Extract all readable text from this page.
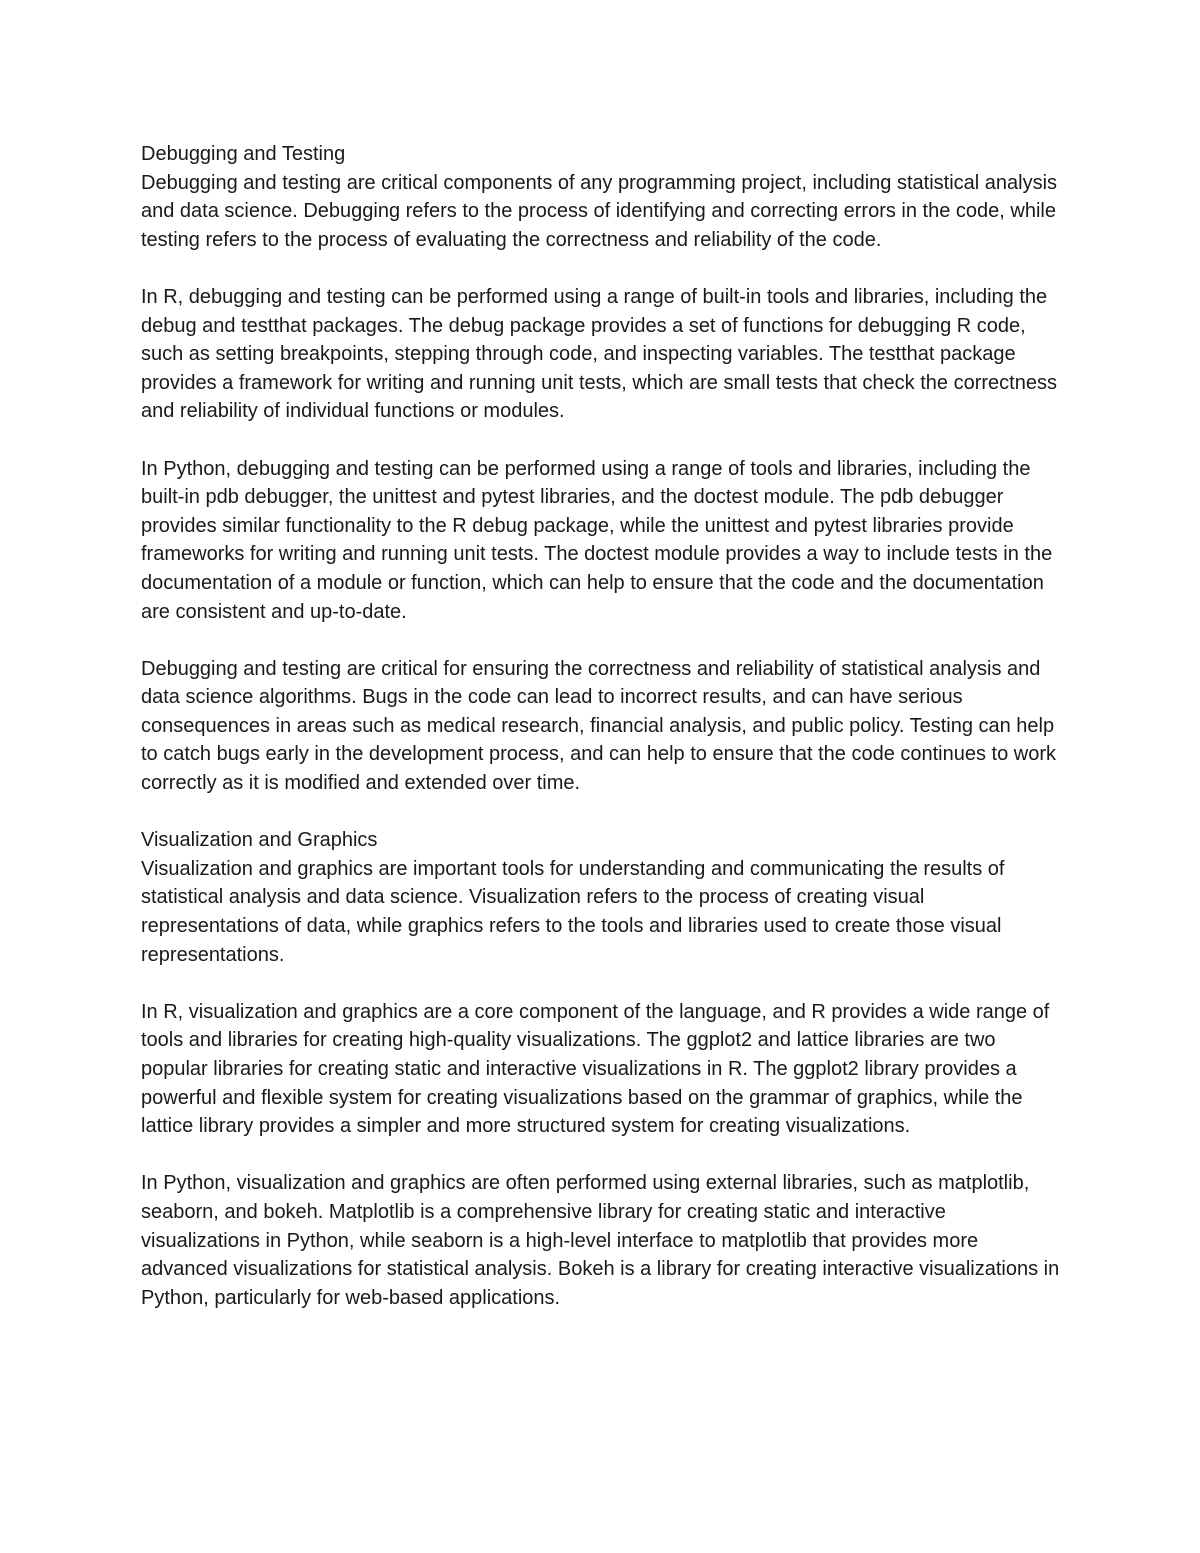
Debugging and Testing

Debugging and testing are critical components of any programming project, including statistical analysis and data science. Debugging refers to the process of identifying and correcting errors in the code, while testing refers to the process of evaluating the correctness and reliability of the code.

In R, debugging and testing can be performed using a range of built-in tools and libraries, including the debug and testthat packages. The debug package provides a set of functions for debugging R code, such as setting breakpoints, stepping through code, and inspecting variables. The testthat package provides a framework for writing and running unit tests, which are small tests that check the correctness and reliability of individual functions or modules.

In Python, debugging and testing can be performed using a range of tools and libraries, including the built-in pdb debugger, the unittest and pytest libraries, and the doctest module. The pdb debugger provides similar functionality to the R debug package, while the unittest and pytest libraries provide frameworks for writing and running unit tests. The doctest module provides a way to include tests in the documentation of a module or function, which can help to ensure that the code and the documentation are consistent and up-to-date.

Debugging and testing are critical for ensuring the correctness and reliability of statistical analysis and data science algorithms. Bugs in the code can lead to incorrect results, and can have serious consequences in areas such as medical research, financial analysis, and public policy. Testing can help to catch bugs early in the development process, and can help to ensure that the code continues to work correctly as it is modified and extended over time.

Visualization and Graphics

Visualization and graphics are important tools for understanding and communicating the results of statistical analysis and data science. Visualization refers to the process of creating visual representations of data, while graphics refers to the tools and libraries used to create those visual representations.

In R, visualization and graphics are a core component of the language, and R provides a wide range of tools and libraries for creating high-quality visualizations. The ggplot2 and lattice libraries are two popular libraries for creating static and interactive visualizations in R. The ggplot2 library provides a powerful and flexible system for creating visualizations based on the grammar of graphics, while the lattice library provides a simpler and more structured system for creating visualizations.

In Python, visualization and graphics are often performed using external libraries, such as matplotlib, seaborn, and bokeh. Matplotlib is a comprehensive library for creating static and interactive visualizations in Python, while seaborn is a high-level interface to matplotlib that provides more advanced visualizations for statistical analysis. Bokeh is a library for creating interactive visualizations in Python, particularly for web-based applications.
